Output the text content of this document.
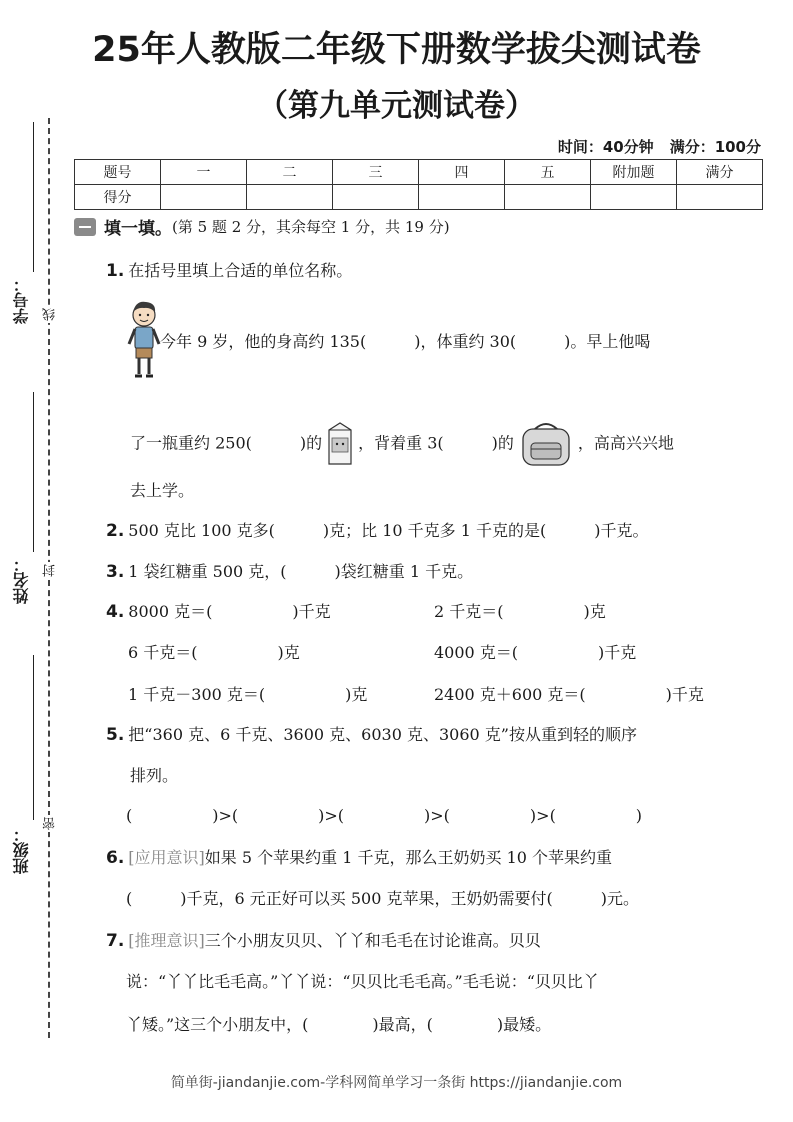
25年人教版二年级下册数学拔尖测试卷
（第九单元测试卷）
时间：40分钟 满分：100分
题号	一	二	三	四	五	附加题	满分
得分							
学号： 线
姓名： 封
班级：
密
填一填。 (第 5 题 2 分，其余每空 1 分，共 19 分)
1. 在括号里填上合适的单位名称。
今年 9 岁，他的身高约 135(　　　)，体重约 30(　　　)。早上他喝
了一瓶重约 250(　　　)的 ，背着重 3(　　　)的	，高高兴兴地
去上学。
2. 500 克比 100 克多(　　　)克；比 10 千克多 1 千克的是(　　　)千克。
3. 1 袋红糖重 500 克，(　　　)袋红糖重 1 千克。
4. 8000 克＝(　　　　　)千克	2 千克＝(　　　　　)克
6 千克＝(　　　　　)克	4000 克＝(　　　　　)千克
1 千克－300 克＝(　　　　　)克	2400 克＋600 克＝(　　　　　)千克
5. 把“360 克、6 千克、3600 克、6030 克、3060 克”按从重到轻的顺序
排列。
(　　　　　)>(　　　　　)>(　　　　　)>(　　　　　)>(　　　　　)
6. [应用意识]如果 5 个苹果约重 1 千克，那么王奶奶买 10 个苹果约重
(　　　)千克，6 元正好可以买 500 克苹果，王奶奶需要付(　　　)元。
7. [推理意识]三个小朋友贝贝、丫丫和毛毛在讨论谁高。贝贝
说：“丫丫比毛毛高。”丫丫说：“贝贝比毛毛高。”毛毛说：“贝贝比丫
丫矮。”这三个小朋友中，(　　　　)最高，(　　　　)最矮。
简单街-jiandanjie.com-学科网简单学习一条街 https://jiandanjie.com
